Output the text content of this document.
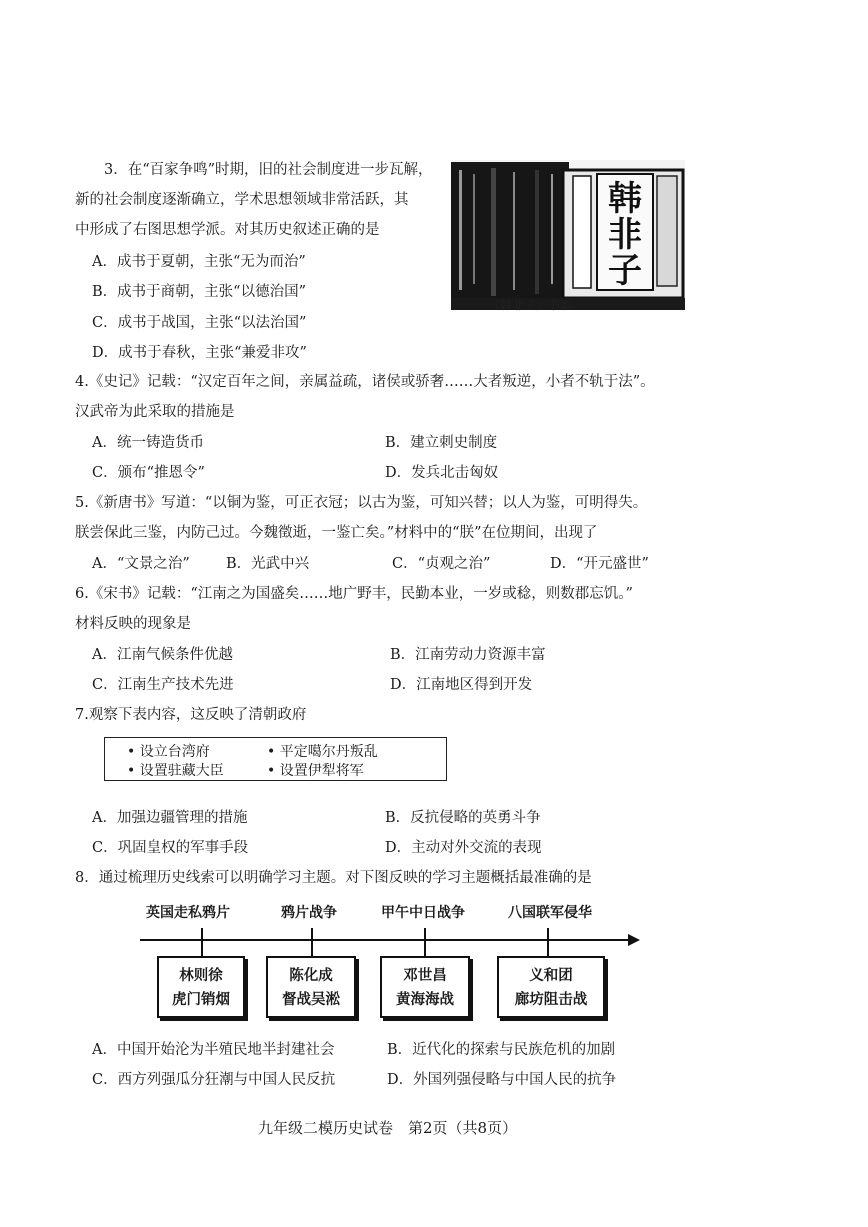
3．在“百家争鸣”时期，旧的社会制度进一步瓦解，
新的社会制度逐渐确立，学术思想领域非常活跃，其
中形成了右图思想学派。对其历史叙述正确的是
A．成书于夏朝，主张“无为而治”
B．成书于商朝，主张“以德治国”
C．成书于战国，主张“以法治国”
D．成书于春秋，主张“兼爱非攻”
韩
非
子
《韩非子》书影
4.《史记》记载：“汉定百年之间，亲属益疏，诸侯或骄奢……大者叛逆，小者不轨于法”。
汉武帝为此采取的措施是
A．统一铸造货币	B．建立刺史制度
C．颁布“推恩令”	D．发兵北击匈奴
5.《新唐书》写道：“以铜为鉴，可正衣冠；以古为鉴，可知兴替；以人为鉴，可明得失。
朕尝保此三鉴，内防己过。今魏徵逝，一鉴亡矣。”材料中的“朕”在位期间，出现了
A．“文景之治” B．光武中兴	C．“贞观之治”	D．“开元盛世”
6.《宋书》记载：“江南之为国盛矣……地广野丰，民勤本业，一岁或稔，则数郡忘饥。”
材料反映的现象是
A．江南气候条件优越	B．江南劳动力资源丰富
C．江南生产技术先进	D．江南地区得到开发
7.观察下表内容，这反映了清朝政府
• 设立台湾府	• 平定噶尔丹叛乱
• 设置驻藏大臣	• 设置伊犁将军
A．加强边疆管理的措施	B．反抗侵略的英勇斗争
C．巩固皇权的军事手段	D．主动对外交流的表现
8．通过梳理历史线索可以明确学习主题。对下图反映的学习主题概括最准确的是
英国走私鸦片	鸦片战争	甲午中日战争	八国联军侵华
林则徐
虎门销烟
陈化成
督战吴淞
邓世昌
黄海海战
义和团
廊坊阻击战
A．中国开始沦为半殖民地半封建社会	B．近代化的探索与民族危机的加剧
C．西方列强瓜分狂潮与中国人民反抗	D．外国列强侵略与中国人民的抗争
九年级二模历史试卷　第2页（共8页）
